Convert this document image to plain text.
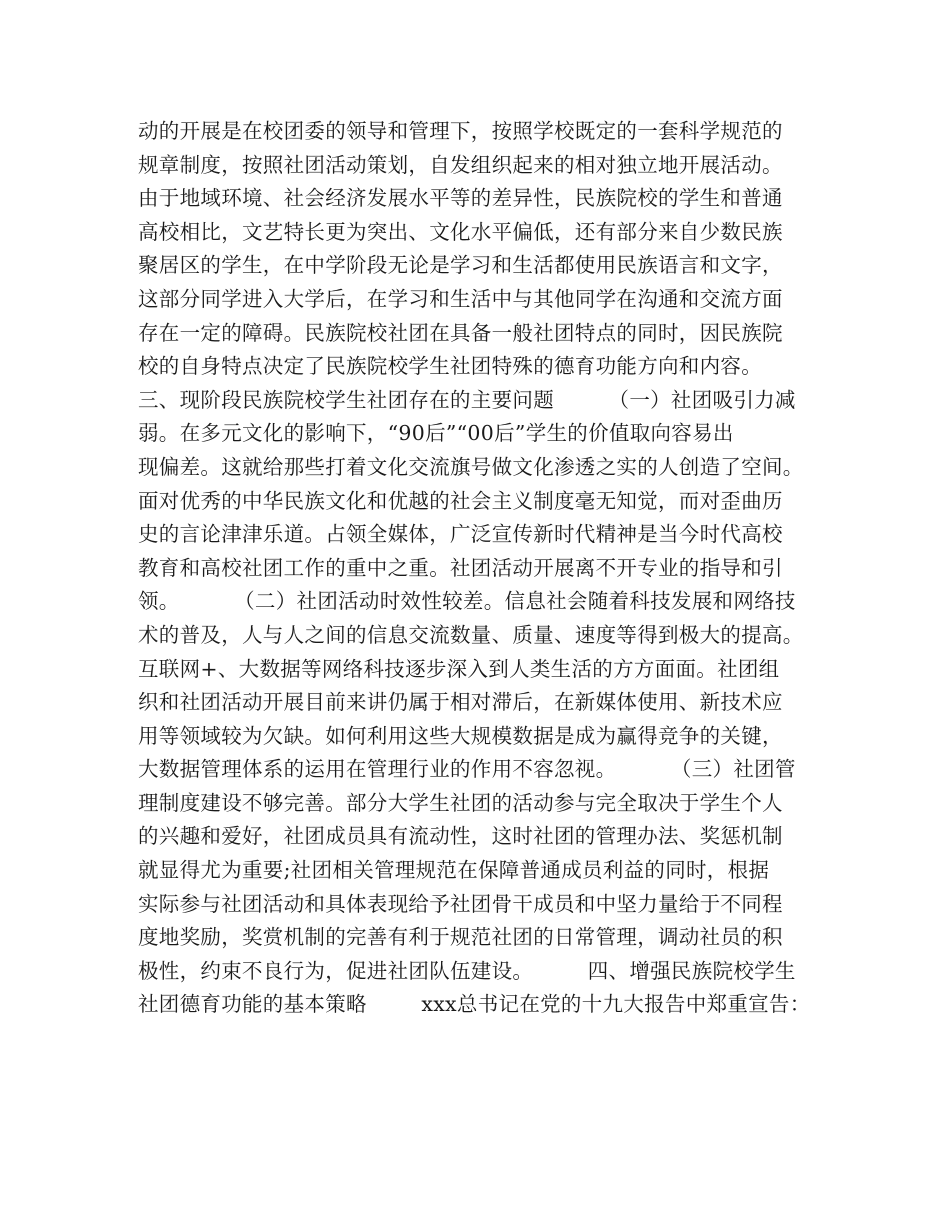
动的开展是在校团委的领导和管理下，按照学校既定的一套科学规范的
规章制度，按照社团活动策划，自发组织起来的相对独立地开展活动。
由于地域环境、社会经济发展水平等的差异性，民族院校的学生和普通
高校相比，文艺特长更为突出、文化水平偏低，还有部分来自少数民族
聚居区的学生，在中学阶段无论是学习和生活都使用民族语言和文字，
这部分同学进入大学后，在学习和生活中与其他同学在沟通和交流方面
存在一定的障碍。民族院校社团在具备一般社团特点的同时，因民族院
校的自身特点决定了民族院校学生社团特殊的德育功能方向和内容。
三、现阶段民族院校学生社团存在的主要问题        （一）社团吸引力减
弱。在多元文化的影响下，“90后”“00后”学生的价值取向容易出
现偏差。这就给那些打着文化交流旗号做文化渗透之实的人创造了空间。
面对优秀的中华民族文化和优越的社会主义制度毫无知觉，而对歪曲历
史的言论津津乐道。占领全媒体，广泛宣传新时代精神是当今时代高校
教育和高校社团工作的重中之重。社团活动开展离不开专业的指导和引
领。        （二）社团活动时效性较差。信息社会随着科技发展和网络技
术的普及，人与人之间的信息交流数量、质量、速度等得到极大的提高。
互联网+、大数据等网络科技逐步深入到人类生活的方方面面。社团组
织和社团活动开展目前来讲仍属于相对滞后，在新媒体使用、新技术应
用等领域较为欠缺。如何利用这些大规模数据是成为赢得竞争的关键，
大数据管理体系的运用在管理行业的作用不容忽视。        （三）社团管
理制度建设不够完善。部分大学生社团的活动参与完全取决于学生个人
的兴趣和爱好，社团成员具有流动性，这时社团的管理办法、奖惩机制
就显得尤为重要;社团相关管理规范在保障普通成员利益的同时，根据
实际参与社团活动和具体表现给予社团骨干成员和中坚力量给于不同程
度地奖励，奖赏机制的完善有利于规范社团的日常管理，调动社员的积
极性，约束不良行为，促进社团队伍建设。        四、增强民族院校学生
社团德育功能的基本策略        xxx总书记在党的十九大报告中郑重宣告：
